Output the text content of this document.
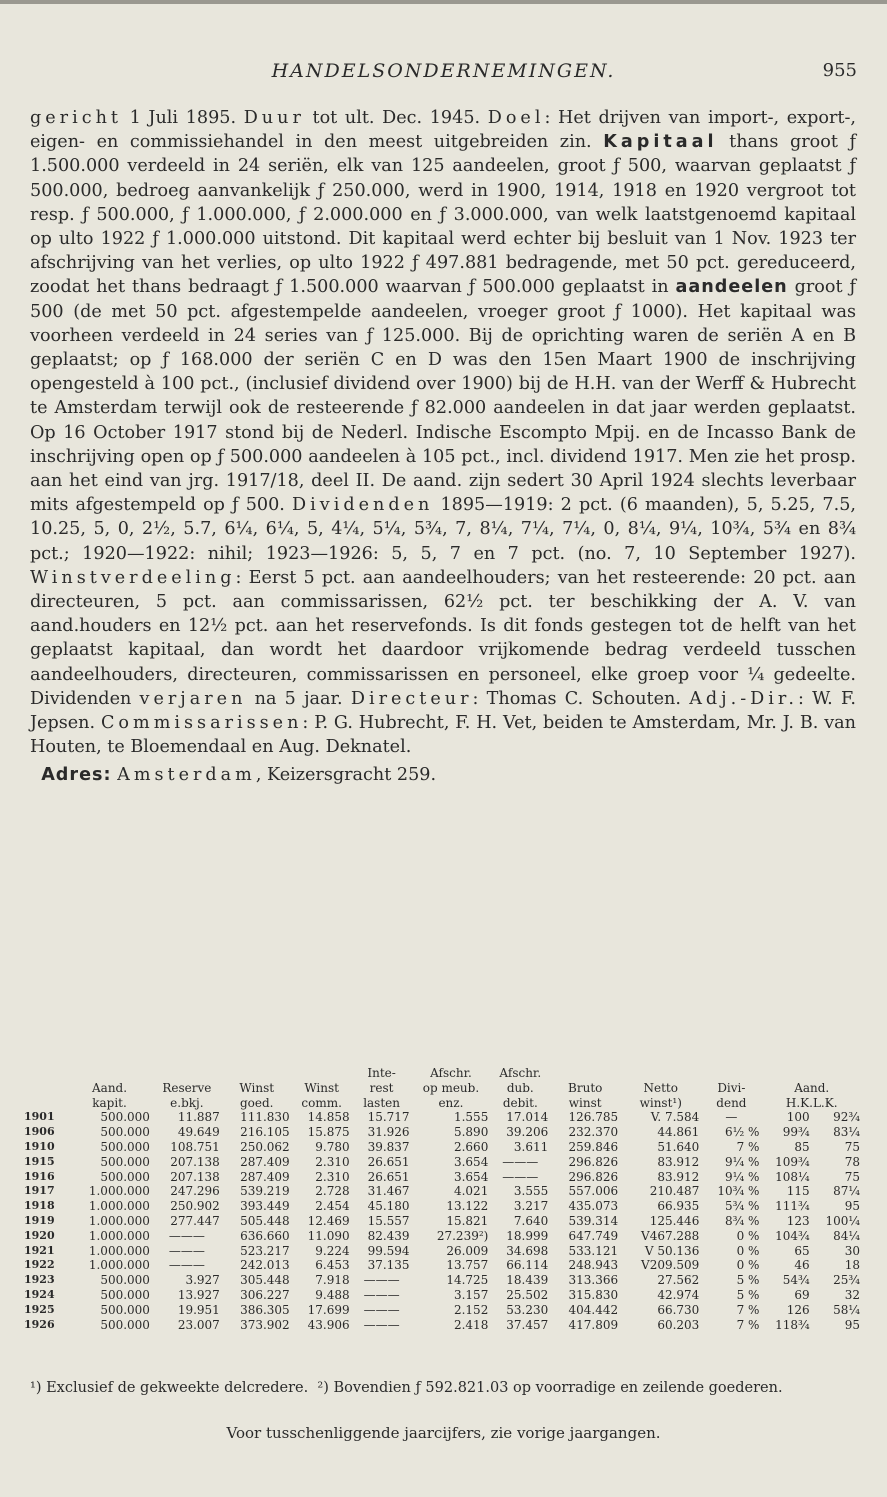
HANDELSONDERNEMINGEN.	955

gericht 1 Juli 1895. Duur tot ult. Dec. 1945. Doel: Het drijven van import-, export-, eigen- en commissiehandel in den meest uitgebreiden zin. Kapitaal thans groot ƒ 1.500.000 verdeeld in 24 seriën, elk van 125 aandeelen, groot ƒ 500, waarvan geplaatst ƒ 500.000, bedroeg aanvankelijk ƒ 250.000, werd in 1900, 1914, 1918 en 1920 vergroot tot resp. ƒ 500.000, ƒ 1.000.000, ƒ 2.000.000 en ƒ 3.000.000, van welk laatstgenoemd kapitaal op ulto 1922 ƒ 1.000.000 uitstond. Dit kapitaal werd echter bij besluit van 1 Nov. 1923 ter afschrijving van het verlies, op ulto 1922 ƒ 497.881 bedragende, met 50 pct. gereduceerd, zoodat het thans bedraagt ƒ 1.500.000 waarvan ƒ 500.000 geplaatst in aandeelen groot ƒ 500 (de met 50 pct. afgestempelde aandeelen, vroeger groot ƒ 1000). Het kapitaal was voorheen verdeeld in 24 series van ƒ 125.000. Bij de oprichting waren de seriën A en B geplaatst; op ƒ 168.000 der seriën C en D was den 15en Maart 1900 de inschrijving opengesteld à 100 pct., (inclusief dividend over 1900) bij de H.H. van der Werff & Hubrecht te Amsterdam terwijl ook de resteerende ƒ 82.000 aandeelen in dat jaar werden geplaatst. Op 16 October 1917 stond bij de Nederl. Indische Escompto Mpij. en de Incasso Bank de inschrijving open op ƒ 500.000 aandeelen à 105 pct., incl. dividend 1917. Men zie het prosp. aan het eind van jrg. 1917/18, deel II. De aand. zijn sedert 30 April 1924 slechts leverbaar mits afgestempeld op ƒ 500. Dividenden 1895—1919: 2 pct. (6 maanden), 5, 5.25, 7.5, 10.25, 5, 0, 2½, 5.7, 6¼, 6¼, 5, 4¼, 5¼, 5¾, 7, 8¼, 7¼, 7¼, 0, 8¼, 9¼, 10¾, 5¾ en 8¾ pct.; 1920—1922: nihil; 1923—1926: 5, 5, 7 en 7 pct. (no. 7, 10 September 1927). Winstverdeeling: Eerst 5 pct. aan aandeelhouders; van het resteerende: 20 pct. aan directeuren, 5 pct. aan commissarissen, 62½ pct. ter beschikking der A. V. van aand.houders en 12½ pct. aan het reservefonds. Is dit fonds gestegen tot de helft van het geplaatst kapitaal, dan wordt het daardoor vrijkomende bedrag verdeeld tusschen aandeelhouders, directeuren, commissarissen en personeel, elke groep voor ¼ gedeelte. Dividenden verjaren na 5 jaar. Directeur: Thomas C. Schouten. Adj.-Dir.: W. F. Jepsen. Commissarissen: P. G. Hubrecht, F. H. Vet, beiden te Amsterdam, Mr. J. B. van Houten, te Bloemendaal en Aug. Deknatel.

Adres: Amsterdam, Keizersgracht 259.

					Inte-	Afschr.	Afschr.					
	Aand.	Reserve	Winst	Winst	rest	op meub.	dub.	Bruto	Netto	Divi-	Aand.	
	kapit.	e.bkj.	goed.	comm.	lasten	enz.	debit.	winst	winst¹)	dend	H.K.L.K.	
1901	500.000	11.887	111.830	14.858	15.717	1.555	17.014	126.785	V. 7.584	—	100	92¾
1906	500.000	49.649	216.105	15.875	31.926	5.890	39.206	232.370	44.861	6½ %	99¾	83¼
1910	500.000	108.751	250.062	9.780	39.837	2.660	3.611	259.846	51.640	7 %	85	75
1915	500.000	207.138	287.409	2.310	26.651	3.654	———	296.826	83.912	9¼ %	109¾	78
1916	500.000	207.138	287.409	2.310	26.651	3.654	———	296.826	83.912	9¼ %	108¼	75
1917	1.000.000	247.296	539.219	2.728	31.467	4.021	3.555	557.006	210.487	10¾ %	115	87¼
1918	1.000.000	250.902	393.449	2.454	45.180	13.122	3.217	435.073	66.935	5¾ %	111¾	95
1919	1.000.000	277.447	505.448	12.469	15.557	15.821	7.640	539.314	125.446	8¾ %	123	100¼
1920	1.000.000	———	636.660	11.090	82.439	27.239²)	18.999	647.749	V467.288	0 %	104¾	84¼
1921	1.000.000	———	523.217	9.224	99.594	26.009	34.698	533.121	V 50.136	0 %	65	30
1922	1.000.000	———	242.013	6.453	37.135	13.757	66.114	248.943	V209.509	0 %	46	18
1923	500.000	3.927	305.448	7.918	———	14.725	18.439	313.366	27.562	5 %	54¾	25¾
1924	500.000	13.927	306.227	9.488	———	3.157	25.502	315.830	42.974	5 %	69	32
1925	500.000	19.951	386.305	17.699	———	2.152	53.230	404.442	66.730	7 %	126	58¼
1926	500.000	23.007	373.902	43.906	———	2.418	37.457	417.809	60.203	7 %	118¾	95

¹) Exclusief de gekweekte delcredere. ²) Bovendien ƒ 592.821.03 op voorradige en zeilende goederen.

Voor tusschenliggende jaarcijfers, zie vorige jaargangen.
